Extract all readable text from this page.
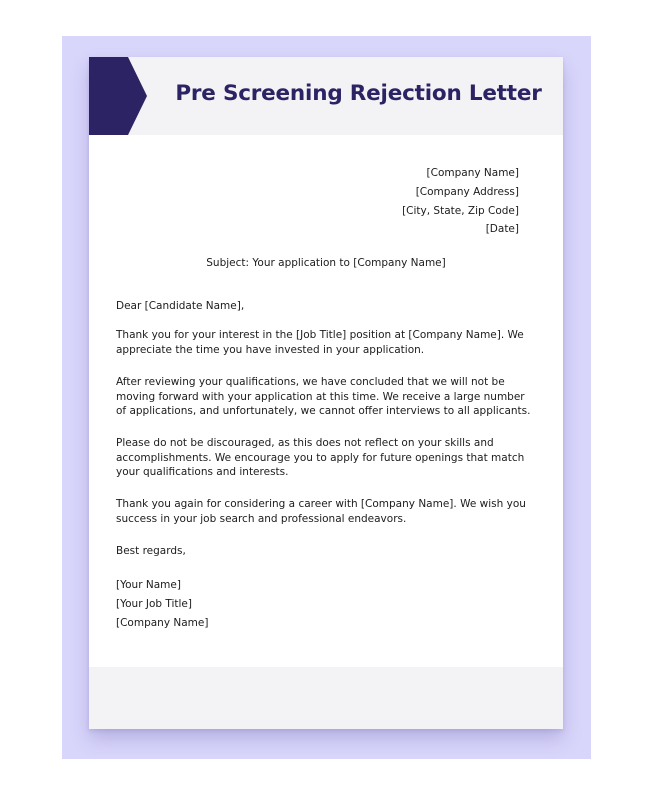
Pre Screening Rejection Letter
[Company Name]
[Company Address]
[City, State, Zip Code]
[Date]
Subject: Your application to [Company Name]

Dear [Candidate Name],

Thank you for your interest in the [Job Title] position at [Company Name]. We appreciate the time you have invested in your application.

After reviewing your qualifications, we have concluded that we will not be moving forward with your application at this time. We receive a large number of applications, and unfortunately, we cannot offer interviews to all applicants.

Please do not be discouraged, as this does not reflect on your skills and accomplishments. We encourage you to apply for future openings that match your qualifications and interests.

Thank you again for considering a career with [Company Name]. We wish you success in your job search and professional endeavors.

Best regards,

[Your Name]
[Your Job Title]
[Company Name]
